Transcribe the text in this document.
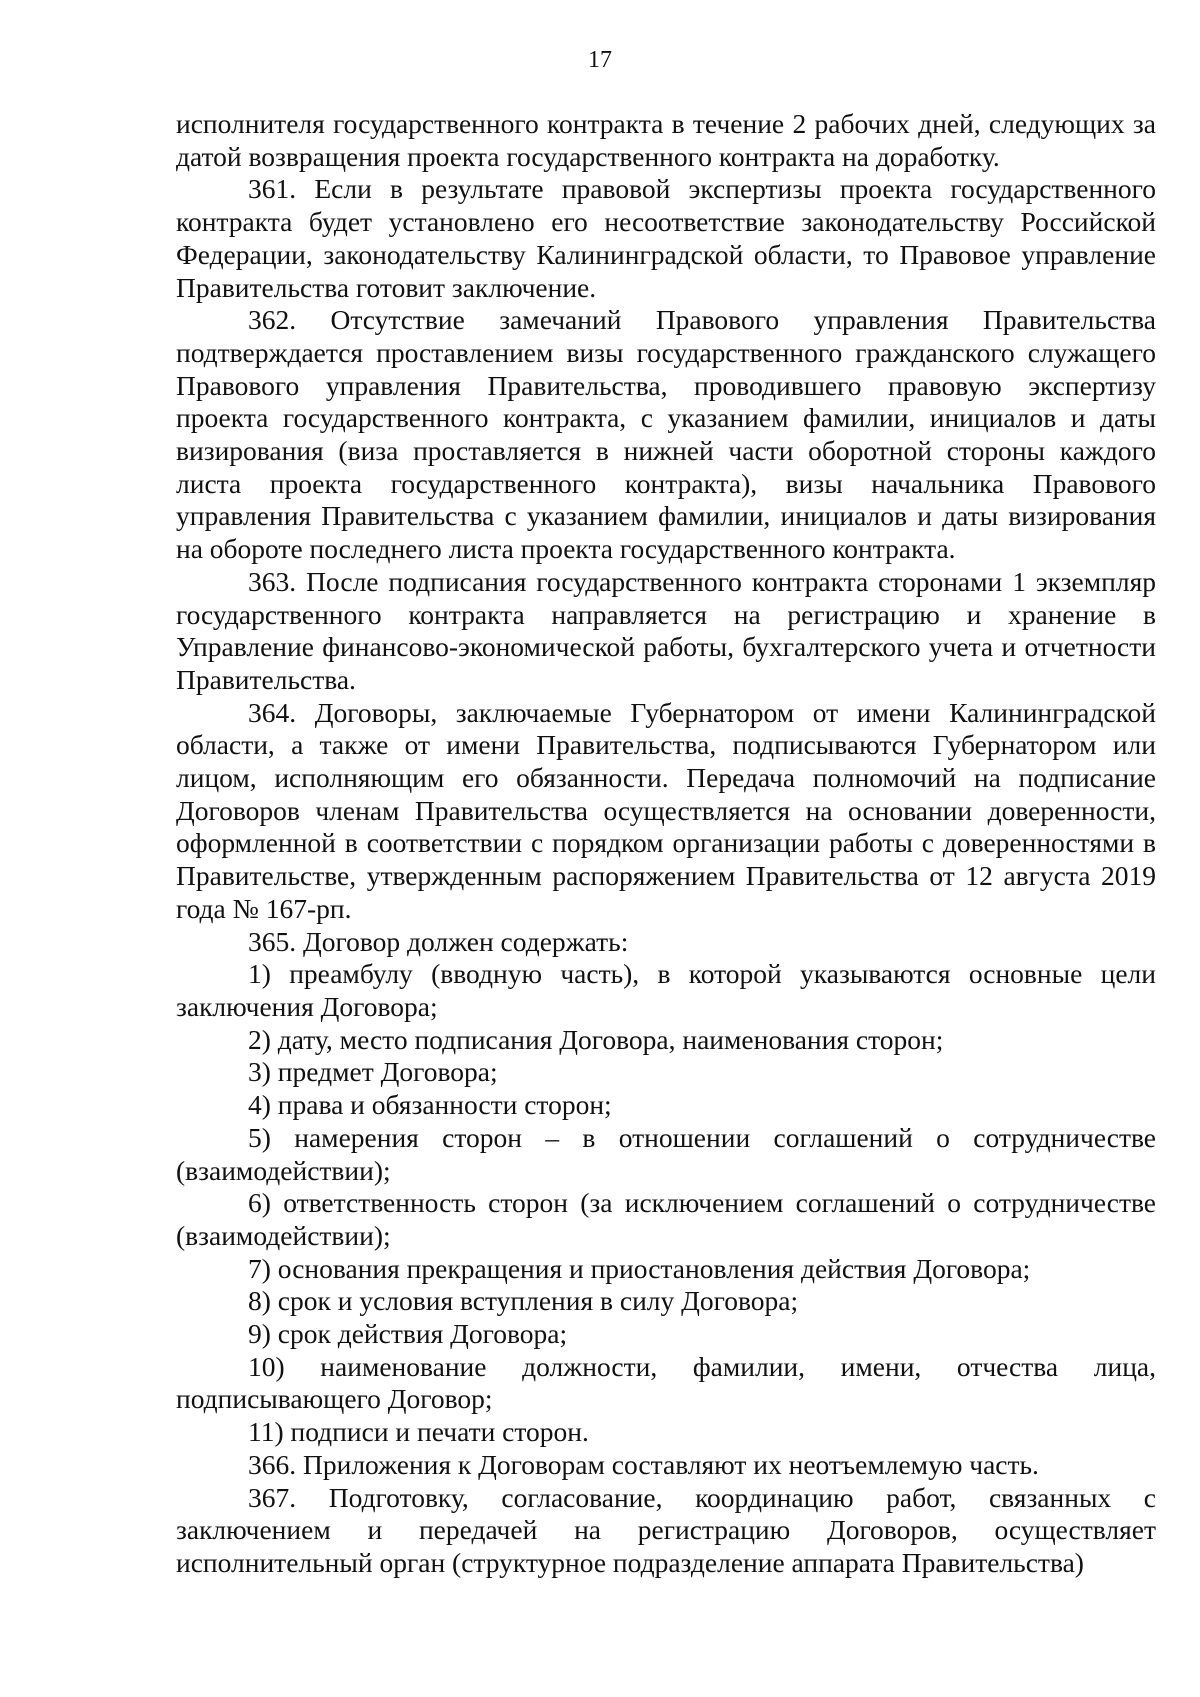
17

исполнителя государственного контракта в течение 2 рабочих дней, следующих за датой возвращения проекта государственного контракта на доработку.

361. Если в результате правовой экспертизы проекта государственного контракта будет установлено его несоответствие законодательству Российской Федерации, законодательству Калининградской области, то Правовое управление Правительства готовит заключение.

362. Отсутствие замечаний Правового управления Правительства подтверждается проставлением визы государственного гражданского служащего Правового управления Правительства, проводившего правовую экспертизу проекта государственного контракта, с указанием фамилии, инициалов и даты визирования (виза проставляется в нижней части оборотной стороны каждого листа проекта государственного контракта), визы начальника Правового управления Правительства с указанием фамилии, инициалов и даты визирования на обороте последнего листа проекта государственного контракта.

363. После подписания государственного контракта сторонами 1 экземпляр государственного контракта направляется на регистрацию и хранение в Управление финансово-экономической работы, бухгалтерского учета и отчетности Правительства.

364. Договоры, заключаемые Губернатором от имени Калининградской области, а также от имени Правительства, подписываются Губернатором или лицом, исполняющим его обязанности. Передача полномочий на подписание Договоров членам Правительства осуществляется на основании доверенности, оформленной в соответствии с порядком организации работы с доверенностями в Правительстве, утвержденным распоряжением Правительства от 12 августа 2019 года № 167-рп.

365. Договор должен содержать:

1) преамбулу (вводную часть), в которой указываются основные цели заключения Договора;

2) дату, место подписания Договора, наименования сторон;

3) предмет Договора;

4) права и обязанности сторон;

5) намерения сторон – в отношении соглашений о сотрудничестве (взаимодействии);

6) ответственность сторон (за исключением соглашений о сотрудничестве (взаимодействии);

7) основания прекращения и приостановления действия Договора;

8) срок и условия вступления в силу Договора;

9) срок действия Договора;

10) наименование должности, фамилии, имени, отчества лица, подписывающего Договор;

11) подписи и печати сторон.

366. Приложения к Договорам составляют их неотъемлемую часть.

367. Подготовку, согласование, координацию работ, связанных с заключением и передачей на регистрацию Договоров, осуществляет исполнительный орган (структурное подразделение аппарата Правительства)
